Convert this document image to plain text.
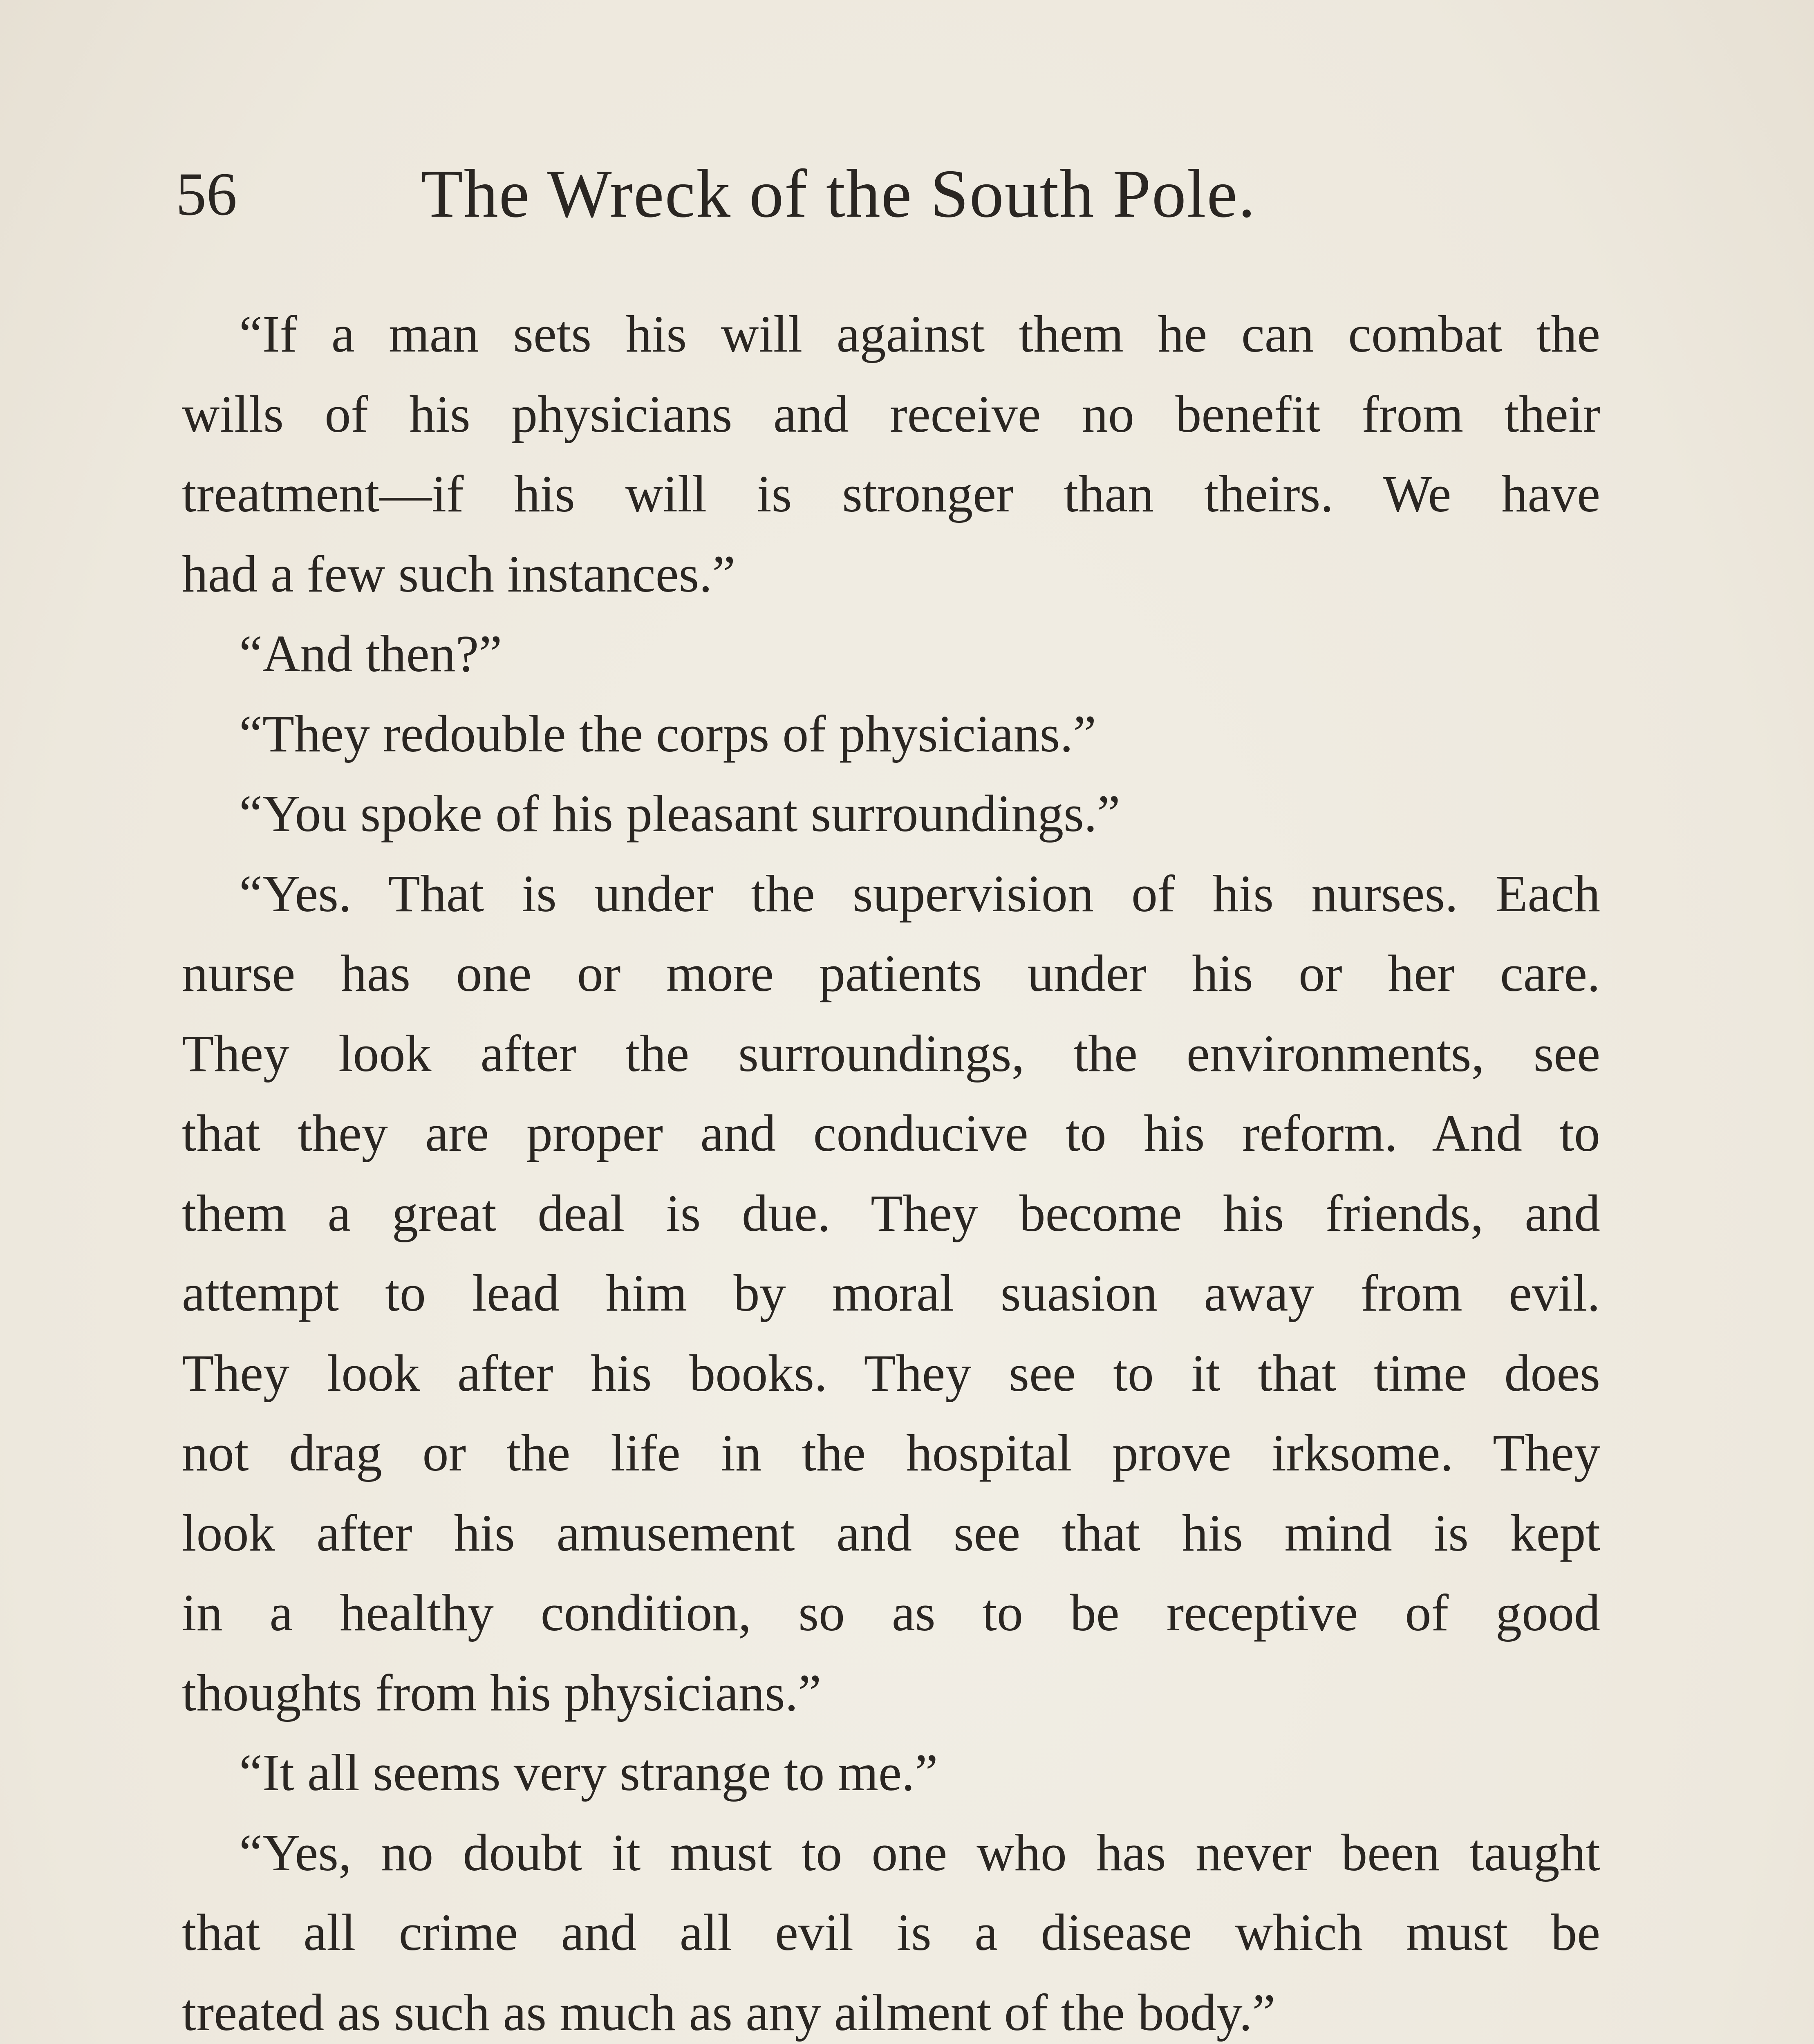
56	The Wreck of the South Pole.
“If a man sets his will against them he can combat the
wills of his physicians and receive no benefit from their
treatment—if his will is stronger than theirs. We have
had a few such instances.”
“And then?”
“They redouble the corps of physicians.”
“You spoke of his pleasant surroundings.”
“Yes. That is under the supervision of his nurses. Each
nurse has one or more patients under his or her care.
They look after the surroundings, the environments, see
that they are proper and conducive to his reform. And to
them a great deal is due. They become his friends, and
attempt to lead him by moral suasion away from evil.
They look after his books. They see to it that time does
not drag or the life in the hospital prove irksome. They
look after his amusement and see that his mind is kept
in a healthy condition, so as to be receptive of good
thoughts from his physicians.”
“It all seems very strange to me.”
“Yes, no doubt it must to one who has never been taught
that all crime and all evil is a disease which must be
treated as such as much as any ailment of the body.”
